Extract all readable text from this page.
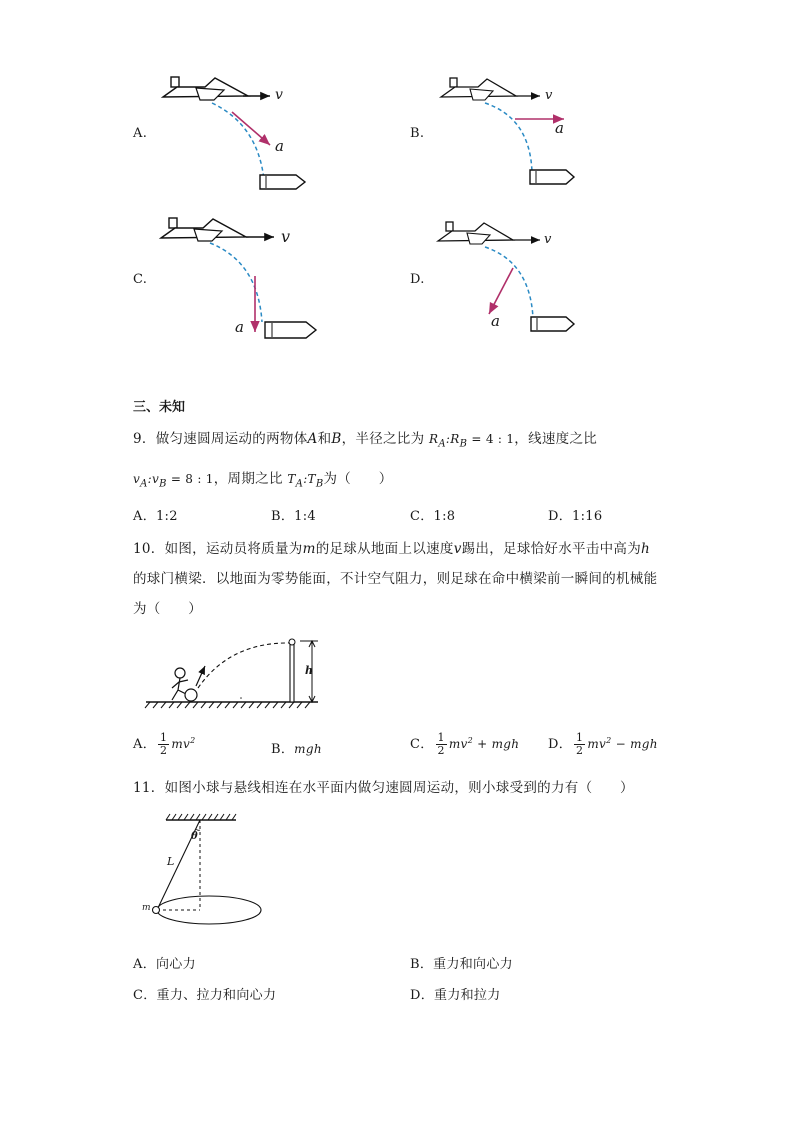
A.
v
a
B.
v
a
C.
v
a
D.
v
a
三、未知
9．做匀速圆周运动的两物体A和B，半径之比为 $R_A:R_B = 4$ : 1，线速度之比
$v_A:v_B = 8$ : 1，周期之比 $T_A:T_B$为（　　）
A．1:2	B．1:4	C．1:8	D．1:16
10．如图，运动员将质量为m的足球从地面上以速度v踢出，足球恰好水平击中高为h
的球门横梁．以地面为零势能面，不计空气阻力，则足球在命中横梁前一瞬间的机械能
为（　　）
h
A． $\frac{1}{2} mv^2$
B．mgh	C． $\frac{1}{2} mv^2$ + mgh D． $\frac{1}{2} mv^2$ − mgh
11．如图小球与悬线相连在水平面内做匀速圆周运动，则小球受到的力有（　　）
θ
L
m
A．向心力	B．重力和向心力
C．重力、拉力和向心力	D．重力和拉力
